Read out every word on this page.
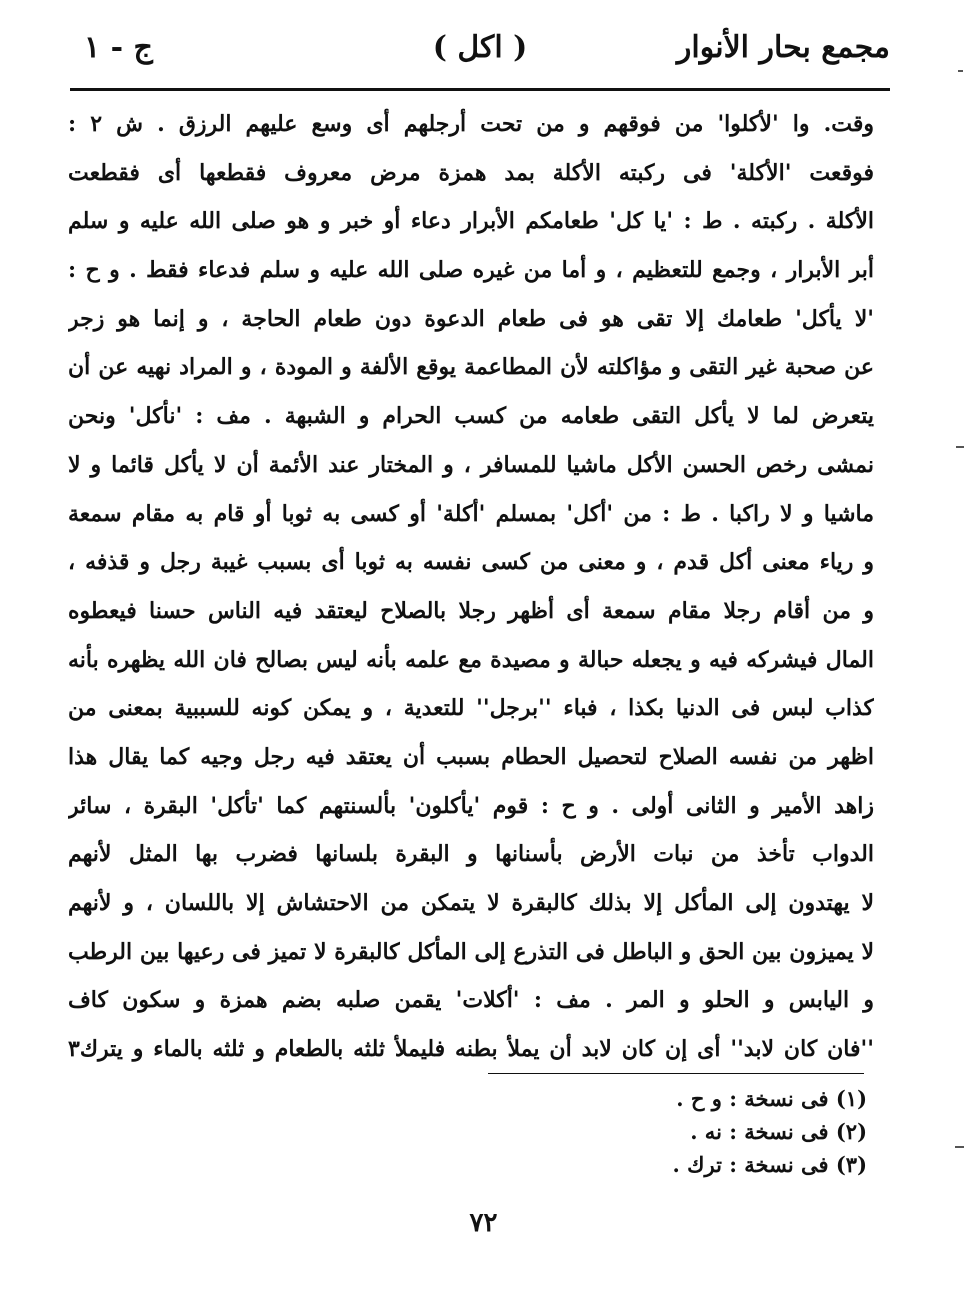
مجمع بحار الأنوار
( اكل )
ج - ١
وقت. وا 'لأكلوا' من فوقهم و من تحت أرجلهم أى وسع عليهم الرزق . ش ٢ :
فوقعت 'الأكلة' فى ركبته الأكلة بمد همزة مرض معروف فقطعها أى فقطعت
الأكلة . ركبته . ط : 'يا كل' طعامكم الأبرار دعاء أو خبر و هو صلى الله عليه و سلم
أبر الأبرار ، وجمع للتعظيم ، و أما من غيره صلى الله عليه و سلم فدعاء فقط . و ح :
'لا يأكل' طعامك إلا تقى هو فى طعام الدعوة دون طعام الحاجة ، و إنما هو زجر
عن صحبة غير التقى و مؤاكلته لأن المطاعمة يوقع الألفة و المودة ، و المراد نهيه عن أن
يتعرض لما لا يأكل التقى طعامه من كسب الحرام و الشبهة . مف : 'نأكل' ونحن
نمشى رخص الحسن الأكل ماشيا للمسافر ، و المختار عند الأئمة أن لا يأكل قائما و لا
ماشيا و لا راكبا . ط : من 'أكل' بمسلم 'أكلة' أو كسى به ثوبا أو قام به مقام سمعة
و رياء معنى أكل قدم ، و معنى من كسى نفسه به ثوبا أى بسبب غيبة رجل و قذفه ،
و من أقام رجلا مقام سمعة أى أظهر رجلا بالصلاح ليعتقد فيه الناس حسنا فيعطوه
المال فيشركه فيه و يجعله حبالة و مصيدة مع علمه بأنه ليس بصالح فان الله يظهره بأنه
كذاب لبس فى الدنيا بكذا ، فباء ''برجل'' للتعدية ، و يمكن كونه للسببية بمعنى من
اظهر من نفسه الصلاح لتحصيل الحطام بسبب أن يعتقد فيه رجل وجيه كما يقال هذا
زاهد الأمير و الثانى أولى . و ح : قوم 'يأكلون' بألسنتهم كما 'تأكل' البقرة ، سائر
الدواب تأخذ من نبات الأرض بأسنانها و البقرة بلسانها فضرب بها المثل لأنهم
لا يهتدون إلى المأكل إلا بذلك كالبقرة لا يتمكن من الاحتشاش إلا باللسان ، و لأنهم
لا يميزون بين الحق و الباطل فى التذرع إلى المأكل كالبقرة لا تميز فى رعيها بين الرطب
و اليابس و الحلو و المر . مف : 'أكلات' يقمن صلبه بضم همزة و سكون كاف
''فان كان لابد'' أى إن كان لابد أن يملأ بطنه فليملأ ثلثه بالطعام و ثلثه بالماء و يترك٣
(١) فى نسخة : و ح .
(٢) فى نسخة : نه .
(٣) فى نسخة : ترك .
٧٢
